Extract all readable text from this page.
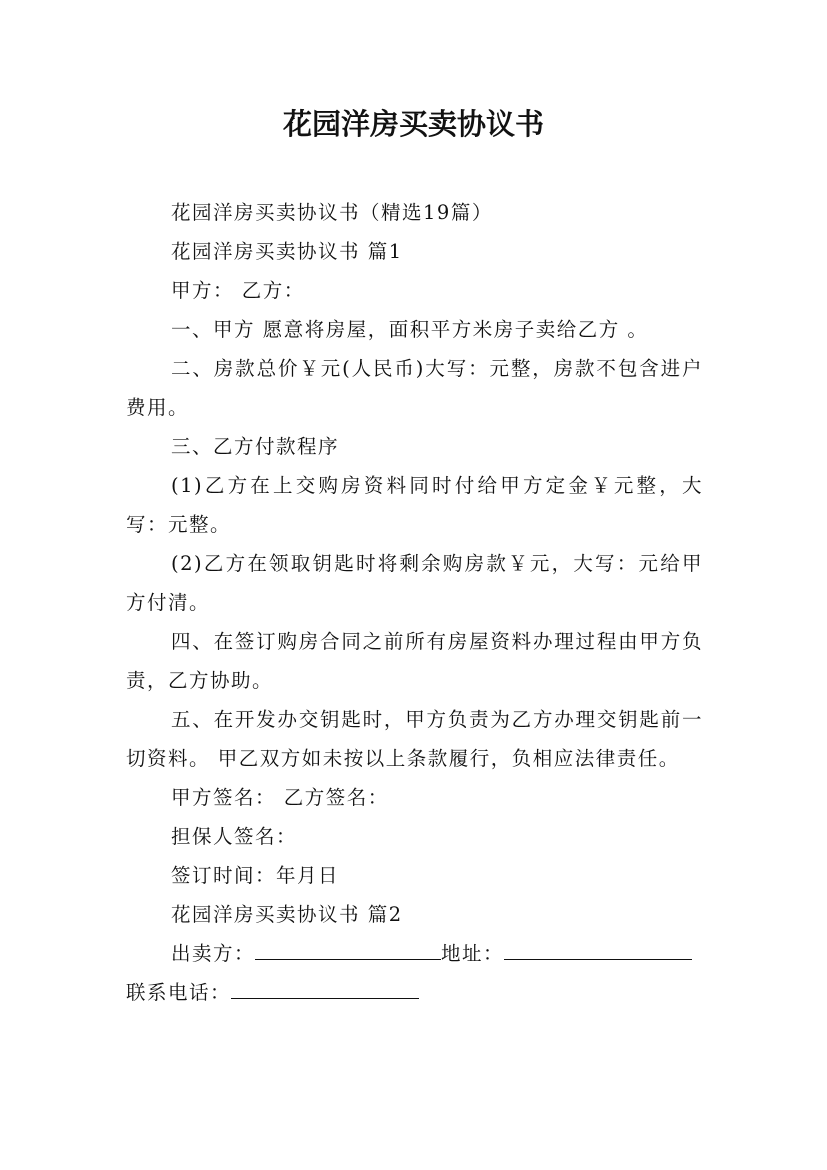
花园洋房买卖协议书
花园洋房买卖协议书（精选19篇）
花园洋房买卖协议书 篇1
甲方： 乙方：
一、甲方 愿意将房屋，面积平方米房子卖给乙方 。
二、房款总价￥元(人民币)大写：元整，房款不包含进户费用。
三、乙方付款程序
(1)乙方在上交购房资料同时付给甲方定金￥元整，大写：元整。
(2)乙方在领取钥匙时将剩余购房款￥元，大写：元给甲方付清。
四、在签订购房合同之前所有房屋资料办理过程由甲方负责，乙方协助。
五、在开发办交钥匙时，甲方负责为乙方办理交钥匙前一切资料。 甲乙双方如未按以上条款履行，负相应法律责任。
甲方签名： 乙方签名：
担保人签名：
签订时间：年月日
花园洋房买卖协议书 篇2
出卖方：	地址：
联系电话：
